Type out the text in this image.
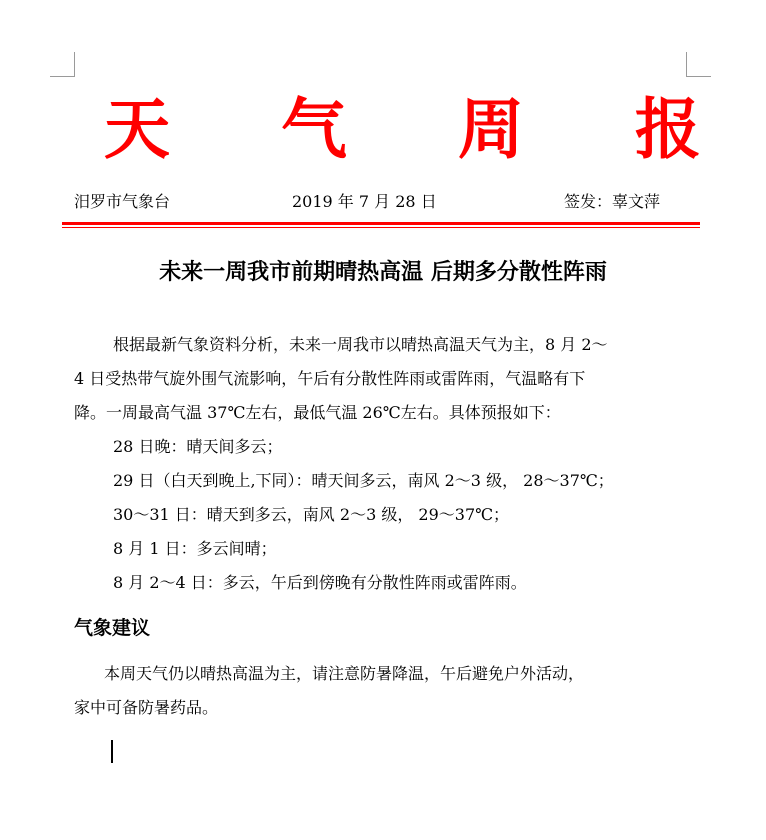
天 气 周 报
汨罗市气象台	2019 年 7 月 28 日	签发：辜文萍
未来一周我市前期晴热高温 后期多分散性阵雨
根据最新气象资料分析，未来一周我市以晴热高温天气为主，8 月 2～
4 日受热带气旋外围气流影响，午后有分散性阵雨或雷阵雨，气温略有下
降。一周最高气温 37℃左右，最低气温 26℃左右。具体预报如下：
28 日晚：晴天间多云；
29 日（白天到晚上,下同）：晴天间多云，南风 2～3 级， 28～37℃；
30～31 日：晴天到多云，南风 2～3 级， 29～37℃；
8 月 1 日：多云间晴；
8 月 2～4 日：多云，午后到傍晚有分散性阵雨或雷阵雨。
气象建议
本周天气仍以晴热高温为主，请注意防暑降温，午后避免户外活动，
家中可备防暑药品。
